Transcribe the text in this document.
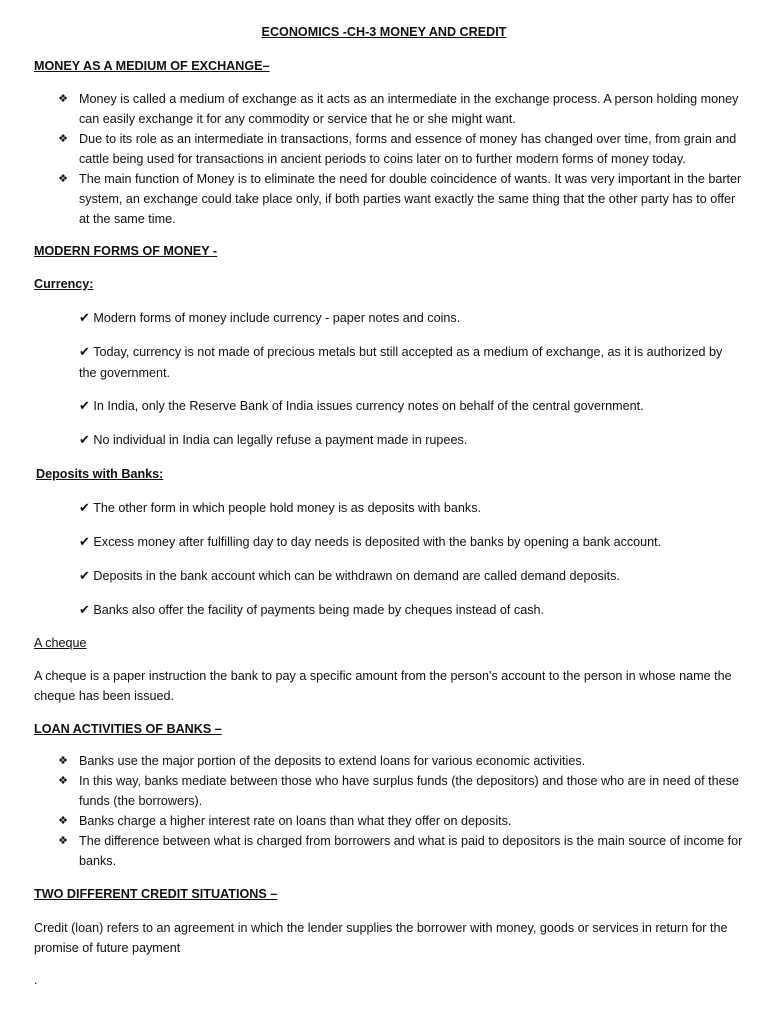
ECONOMICS -CH-3 MONEY AND CREDIT
MONEY AS A MEDIUM OF EXCHANGE–
❖ Money is called a medium of exchange as it acts as an intermediate in the exchange process. A person holding money can easily exchange it for any commodity or service that he or she might want.
❖ Due to its role as an intermediate in transactions, forms and essence of money has changed over time, from grain and cattle being used for transactions in ancient periods to coins later on to further modern forms of money today.
❖ The main function of Money is to eliminate the need for double coincidence of wants. It was very important in the barter system, an exchange could take place only, if both parties want exactly the same thing that the other party has to offer at the same time.
MODERN FORMS OF MONEY -
Currency:
✔ Modern forms of money include currency - paper notes and coins.
✔ Today, currency is not made of precious metals but still accepted as a medium of exchange, as it is authorized by the government.
✔ In India, only the Reserve Bank of India issues currency notes on behalf of the central government.
✔ No individual in India can legally refuse a payment made in rupees.
Deposits with Banks:
✔ The other form in which people hold money is as deposits with banks.
✔ Excess money after fulfilling day to day needs is deposited with the banks by opening a bank account.
✔ Deposits in the bank account which can be withdrawn on demand are called demand deposits.
✔ Banks also offer the facility of payments being made by cheques instead of cash.
A cheque
A cheque is a paper instruction the bank to pay a specific amount from the person's account to the person in whose name the cheque has been issued.
LOAN ACTIVITIES OF BANKS –
❖ Banks use the major portion of the deposits to extend loans for various economic activities.
❖ In this way, banks mediate between those who have surplus funds (the depositors) and those who are in need of these funds (the borrowers).
❖ Banks charge a higher interest rate on loans than what they offer on deposits.
❖ The difference between what is charged from borrowers and what is paid to depositors is the main source of income for banks.
TWO DIFFERENT CREDIT SITUATIONS –
Credit (loan) refers to an agreement in which the lender supplies the borrower with money, goods or services in return for the promise of future payment
.
